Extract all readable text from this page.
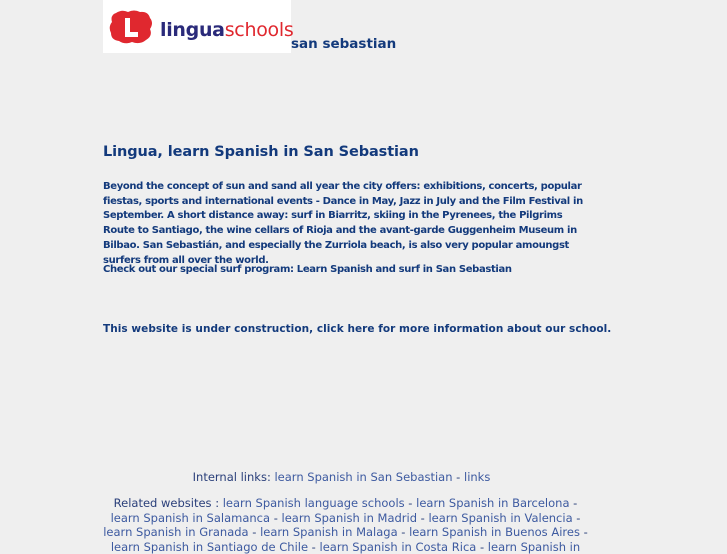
linguaschools
san sebastian
Lingua, learn Spanish in San Sebastian

Beyond the concept of sun and sand all year the city offers: exhibitions, concerts, popular fiestas, sports and international events - Dance in May, Jazz in July and the Film Festival in September. A short distance away: surf in Biarritz, skiing in the Pyrenees, the Pilgrims Route to Santiago, the wine cellars of Rioja and the avant-garde Guggenheim Museum in Bilbao. San Sebastián, and especially the Zurriola beach, is also very popular amoungst surfers from all over the world.

Check out our special surf program: Learn Spanish and surf in San Sebastian

This website is under construction, click here for more information about our school.

Internal links: learn Spanish in San Sebastian - links
Related websites : learn Spanish language schools - learn Spanish in Barcelona - learn Spanish in Salamanca - learn Spanish in Madrid - learn Spanish in Valencia - learn Spanish in Granada - learn Spanish in Malaga - learn Spanish in Buenos Aires - learn Spanish in Santiago de Chile - learn Spanish in Costa Rica - learn Spanish in
